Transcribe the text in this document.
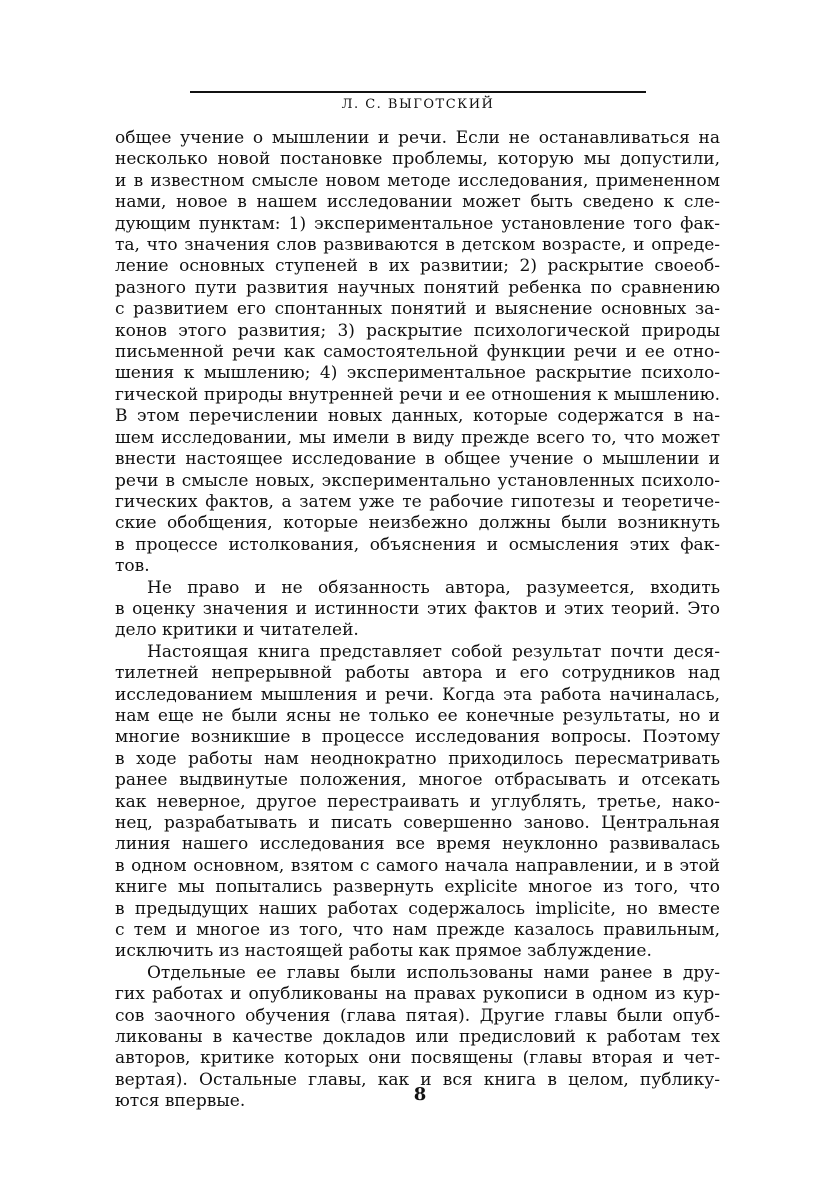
Л. С. ВЫГОТСКИЙ

общее учение о мышлении и речи. Если не останавливаться на
несколько новой постановке проблемы, которую мы допустили,
и в известном смысле новом методе исследования, примененном
нами, новое в нашем исследовании может быть сведено к сле-
дующим пунктам: 1) экспериментальное установление того фак-
та, что значения слов развиваются в детском возрасте, и опреде-
ление основных ступеней в их развитии; 2) раскрытие своеоб-
разного пути развития научных понятий ребенка по сравнению
с развитием его спонтанных понятий и выяснение основных за-
конов этого развития; 3) раскрытие психологической природы
письменной речи как самостоятельной функции речи и ее отно-
шения к мышлению; 4) экспериментальное раскрытие психоло-
гической природы внутренней речи и ее отношения к мышлению.
В этом перечислении новых данных, которые содержатся в на-
шем исследовании, мы имели в виду прежде всего то, что может
внести настоящее исследование в общее учение о мышлении и
речи в смысле новых, экспериментально установленных психоло-
гических фактов, а затем уже те рабочие гипотезы и теоретиче-
ские обобщения, которые неизбежно должны были возникнуть
в процессе истолкования, объяснения и осмысления этих фак-
тов.

Не право и не обязанность автора, разумеется, входить
в оценку значения и истинности этих фактов и этих теорий. Это
дело критики и читателей.

Настоящая книга представляет собой результат почти деся-
тилетней непрерывной работы автора и его сотрудников над
исследованием мышления и речи. Когда эта работа начиналась,
нам еще не были ясны не только ее конечные результаты, но и
многие возникшие в процессе исследования вопросы. Поэтому
в ходе работы нам неоднократно приходилось пересматривать
ранее выдвинутые положения, многое отбрасывать и отсекать
как неверное, другое перестраивать и углублять, третье, нако-
нец, разрабатывать и писать совершенно заново. Центральная
линия нашего исследования все время неуклонно развивалась
в одном основном, взятом с самого начала направлении, и в этой
книге мы попытались развернуть explicite многое из того, что
в предыдущих наших работах содержалось implicite, но вместе
с тем и многое из того, что нам прежде казалось правильным,
исключить из настоящей работы как прямое заблуждение.

Отдельные ее главы были использованы нами ранее в дру-
гих работах и опубликованы на правах рукописи в одном из кур-
сов заочного обучения (глава пятая). Другие главы были опуб-
ликованы в качестве докладов или предисловий к работам тех
авторов, критике которых они посвящены (главы вторая и чет-
вертая). Остальные главы, как и вся книга в целом, публику-
ются впервые.	8
